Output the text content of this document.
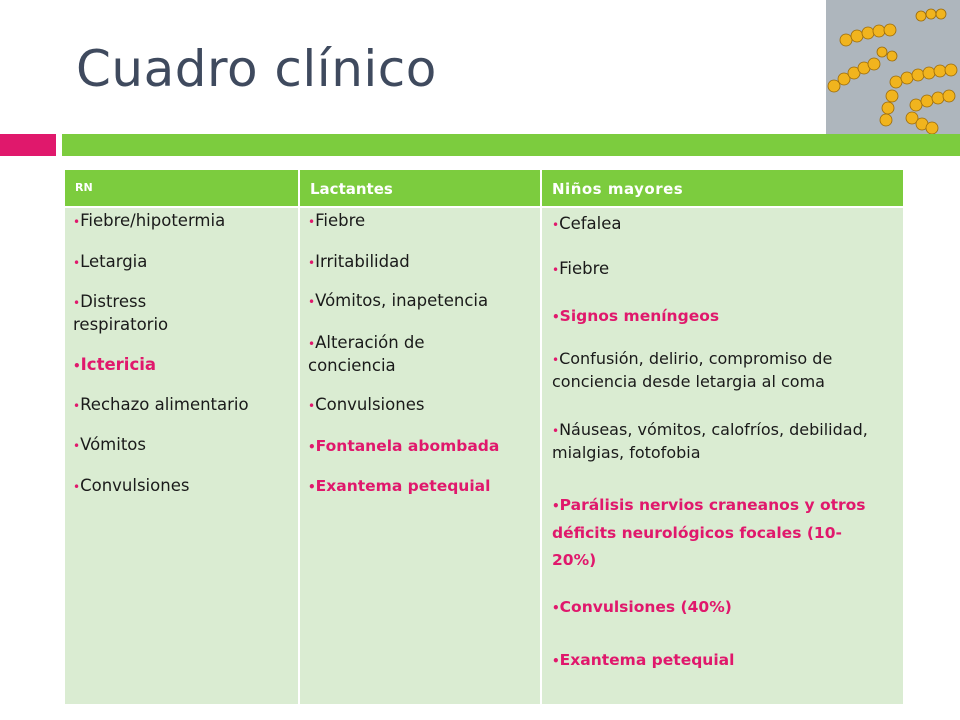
Cuadro clínico
RN	Lactantes	Niños mayores
•Fiebre/hipotermia
•Letargia
•Distress respiratorio
•Ictericia
•Rechazo alimentario
•Vómitos
•Convulsiones
•Fiebre
•Irritabilidad
•Vómitos, inapetencia
•Alteración de conciencia
•Convulsiones
•Fontanela abombada
•Exantema petequial
•Cefalea
•Fiebre
•Signos meníngeos
•Confusión, delirio, compromiso de conciencia desde letargia al coma
•Náuseas, vómitos, calofríos, debilidad, mialgias, fotofobia
•Parálisis nervios craneanos y otros déficits neurológicos focales (10-20%)
•Convulsiones (40%)
•Exantema petequial
